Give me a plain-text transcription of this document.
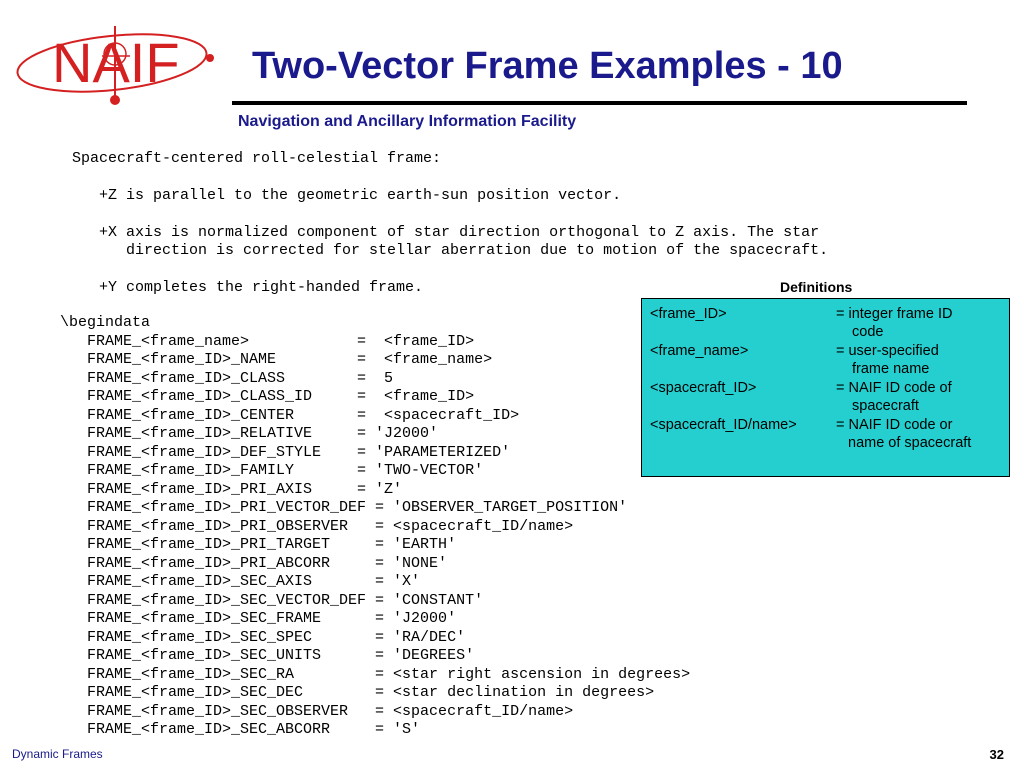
NAIF Two-Vector Frame Examples - 10
Navigation and Ancillary Information Facility
Spacecraft-centered roll-celestial frame:
+Z is parallel to the geometric earth-sun position vector.
+X axis is normalized component of star direction orthogonal to Z axis. The star
direction is corrected for stellar aberration due to motion of the spacecraft.
+Y completes the right-handed frame.
\begindata
FRAME_<frame_name>            =  <frame_ID>
FRAME_<frame_ID>_NAME         =  <frame_name>
FRAME_<frame_ID>_CLASS        =  5
FRAME_<frame_ID>_CLASS_ID     =  <frame_ID>
FRAME_<frame_ID>_CENTER       =  <spacecraft_ID>
FRAME_<frame_ID>_RELATIVE     = 'J2000'
FRAME_<frame_ID>_DEF_STYLE    = 'PARAMETERIZED'
FRAME_<frame_ID>_FAMILY       = 'TWO-VECTOR'
FRAME_<frame_ID>_PRI_AXIS     = 'Z'
FRAME_<frame_ID>_PRI_VECTOR_DEF = 'OBSERVER_TARGET_POSITION'
FRAME_<frame_ID>_PRI_OBSERVER   = <spacecraft_ID/name>
FRAME_<frame_ID>_PRI_TARGET     = 'EARTH'
FRAME_<frame_ID>_PRI_ABCORR     = 'NONE'
FRAME_<frame_ID>_SEC_AXIS       = 'X'
FRAME_<frame_ID>_SEC_VECTOR_DEF = 'CONSTANT'
FRAME_<frame_ID>_SEC_FRAME      = 'J2000'
FRAME_<frame_ID>_SEC_SPEC       = 'RA/DEC'
FRAME_<frame_ID>_SEC_UNITS      = 'DEGREES'
FRAME_<frame_ID>_SEC_RA         = <star right ascension in degrees>
FRAME_<frame_ID>_SEC_DEC        = <star declination in degrees>
FRAME_<frame_ID>_SEC_OBSERVER   = <spacecraft_ID/name>
FRAME_<frame_ID>_SEC_ABCORR     = 'S'
Definitions
<frame_ID>	= integer frame ID
code
<frame_name>	= user-specified
frame name
<spacecraft_ID>	= NAIF ID code of
spacecraft
<spacecraft_ID/name>	= NAIF ID code or
name of spacecraft
Dynamic Frames	32
